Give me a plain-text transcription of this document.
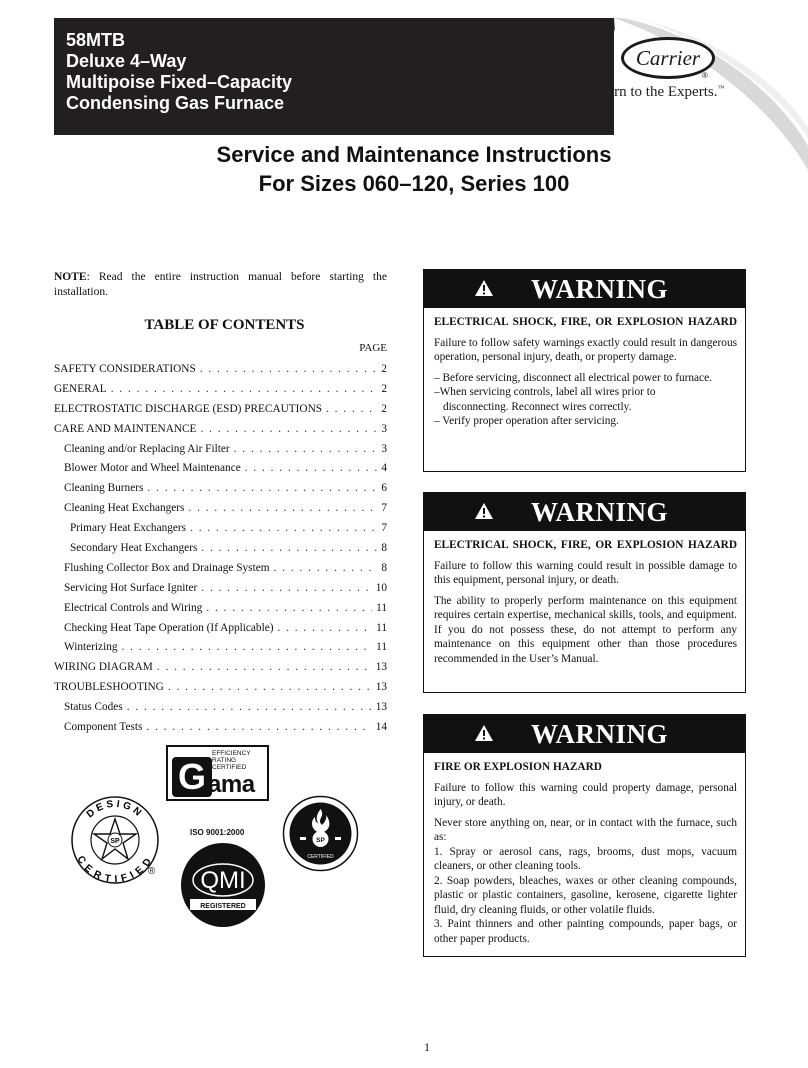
58MTB
Deluxe 4–Way
Multipoise Fixed–Capacity
Condensing Gas Furnace
Carrier
®
Turn to the Experts.™
Service and Maintenance Instructions
For Sizes 060–120, Series 100
NOTE: Read the entire instruction manual before starting the installation.
TABLE OF CONTENTS
PAGE
SAFETY CONSIDERATIONS . . .	2
GENERAL . . .	2
ELECTROSTATIC DISCHARGE (ESD) PRECAUTIONS . . .	2
CARE AND MAINTENANCE . . .	3
Cleaning and/or Replacing Air Filter . . .	3
Blower Motor and Wheel Maintenance . . .	4
Cleaning Burners . . .	6
Cleaning Heat Exchangers . . .	7
Primary Heat Exchangers . . .	7
Secondary Heat Exchangers . . .	8
Flushing Collector Box and Drainage System . . .	8
Servicing Hot Surface Igniter . . .	10
Electrical Controls and Wiring . . .	11
Checking Heat Tape Operation (If Applicable) . . .	11
Winterizing . . .	11
WIRING DIAGRAM . . .	13
TROUBLESHOOTING . . .	13
Status Codes . . .	13
Component Tests . . .	14
G
EFFICIENCY
RATING
CERTIFIED
ama
SP
DESIGN
CERTIFIED
®
ISO 9001:2000
QMI
REGISTERED
SP
CERTIFIED
WARNING

ELECTRICAL SHOCK, FIRE, OR EXPLOSION HAZARD

Failure to follow safety warnings exactly could result in dangerous operation, personal injury, death, or property damage.

– Before servicing, disconnect all electrical power to furnace.

–When servicing controls, label all wires prior to

disconnecting. Reconnect wires correctly.

– Verify proper operation after servicing.

WARNING

ELECTRICAL SHOCK, FIRE, OR EXPLOSION HAZARD

Failure to follow this warning could result in possible damage to this equipment, personal injury, or death.

The ability to properly perform maintenance on this equipment requires certain expertise, mechanical skills, tools, and equipment. If you do not possess these, do not attempt to perform any maintenance on this equipment other than those procedures recommended in the User’s Manual.

WARNING

FIRE OR EXPLOSION HAZARD

Failure to follow this warning could property damage, personal injury, or death.

Never store anything on, near, or in contact with the furnace, such as:

1. Spray or aerosol cans, rags, brooms, dust mops, vacuum cleaners, or other cleaning tools.

2. Soap powders, bleaches, waxes or other cleaning compounds, plastic or plastic containers, gasoline, kerosene, cigarette lighter fluid, dry cleaning fluids, or other volatile fluids.

3. Paint thinners and other painting compounds, paper bags, or other paper products.

1
